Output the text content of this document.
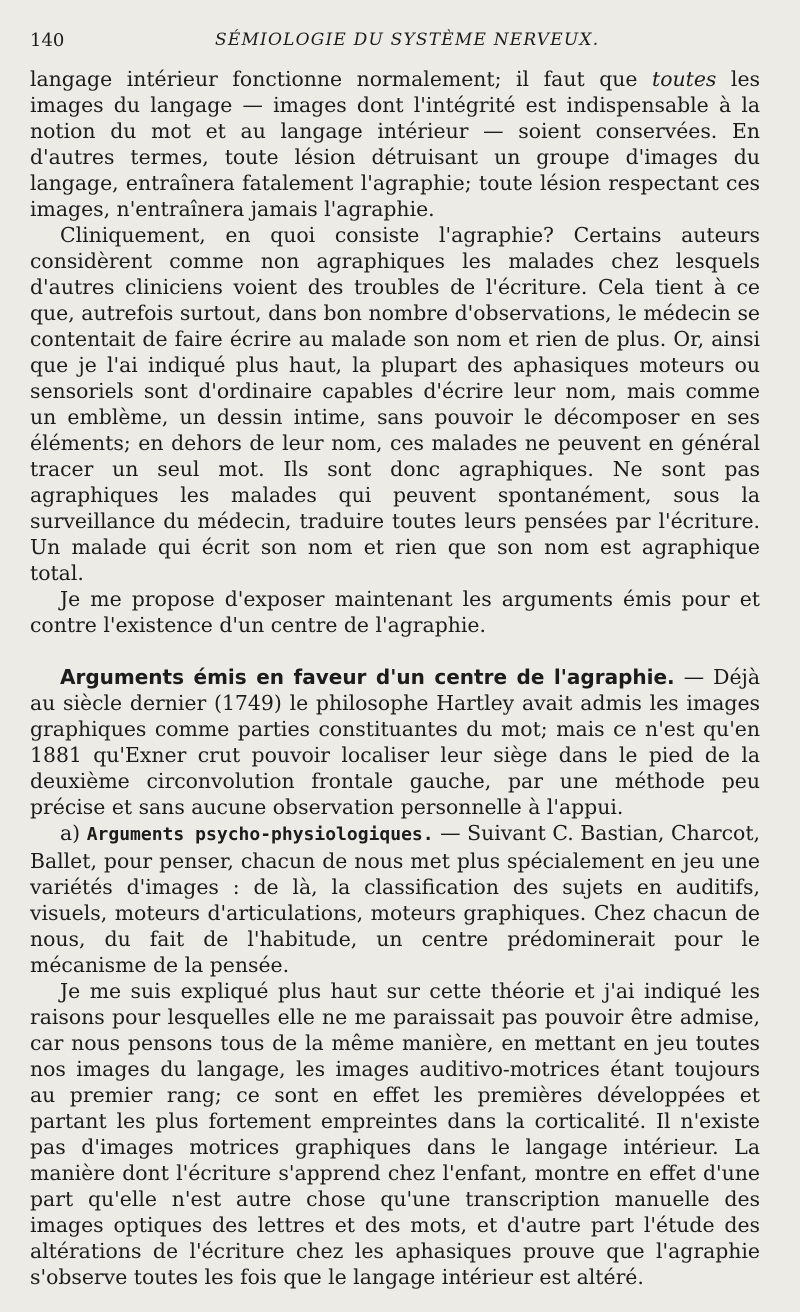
140	SÉMIOLOGIE DU SYSTÈME NERVEUX.

langage intérieur fonctionne normalement; il faut que toutes les images du langage — images dont l'intégrité est indispensable à la notion du mot et au langage intérieur — soient conservées. En d'autres termes, toute lésion détruisant un groupe d'images du langage, entraînera fatalement l'agraphie; toute lésion respectant ces images, n'entraînera jamais l'agraphie.

Cliniquement, en quoi consiste l'agraphie? Certains auteurs considèrent comme non agraphiques les malades chez lesquels d'autres cliniciens voient des troubles de l'écriture. Cela tient à ce que, autrefois surtout, dans bon nombre d'observations, le médecin se contentait de faire écrire au malade son nom et rien de plus. Or, ainsi que je l'ai indiqué plus haut, la plupart des aphasiques moteurs ou sensoriels sont d'ordinaire capables d'écrire leur nom, mais comme un emblème, un dessin intime, sans pouvoir le décomposer en ses éléments; en dehors de leur nom, ces malades ne peuvent en général tracer un seul mot. Ils sont donc agraphiques. Ne sont pas agraphiques les malades qui peuvent spontanément, sous la surveillance du médecin, traduire toutes leurs pensées par l'écriture. Un malade qui écrit son nom et rien que son nom est agraphique total.

Je me propose d'exposer maintenant les arguments émis pour et contre l'existence d'un centre de l'agraphie.

Arguments émis en faveur d'un centre de l'agraphie. — Déjà au siècle dernier (1749) le philosophe Hartley avait admis les images graphiques comme parties constituantes du mot; mais ce n'est qu'en 1881 qu'Exner crut pouvoir localiser leur siège dans le pied de la deuxième circonvolution frontale gauche, par une méthode peu précise et sans aucune observation personnelle à l'appui.

a) Arguments psycho-physiologiques. — Suivant C. Bastian, Charcot, Ballet, pour penser, chacun de nous met plus spécialement en jeu une variétés d'images : de là, la classification des sujets en auditifs, visuels, moteurs d'articulations, moteurs graphiques. Chez chacun de nous, du fait de l'habitude, un centre prédominerait pour le mécanisme de la pensée.

Je me suis expliqué plus haut sur cette théorie et j'ai indiqué les raisons pour lesquelles elle ne me paraissait pas pouvoir être admise, car nous pensons tous de la même manière, en mettant en jeu toutes nos images du langage, les images auditivo-motrices étant toujours au premier rang; ce sont en effet les premières développées et partant les plus fortement empreintes dans la corticalité. Il n'existe pas d'images motrices graphiques dans le langage intérieur. La manière dont l'écriture s'apprend chez l'enfant, montre en effet d'une part qu'elle n'est autre chose qu'une transcription manuelle des images optiques des lettres et des mots, et d'autre part l'étude des altérations de l'écriture chez les aphasiques prouve que l'agraphie s'observe toutes les fois que le langage intérieur est altéré.
